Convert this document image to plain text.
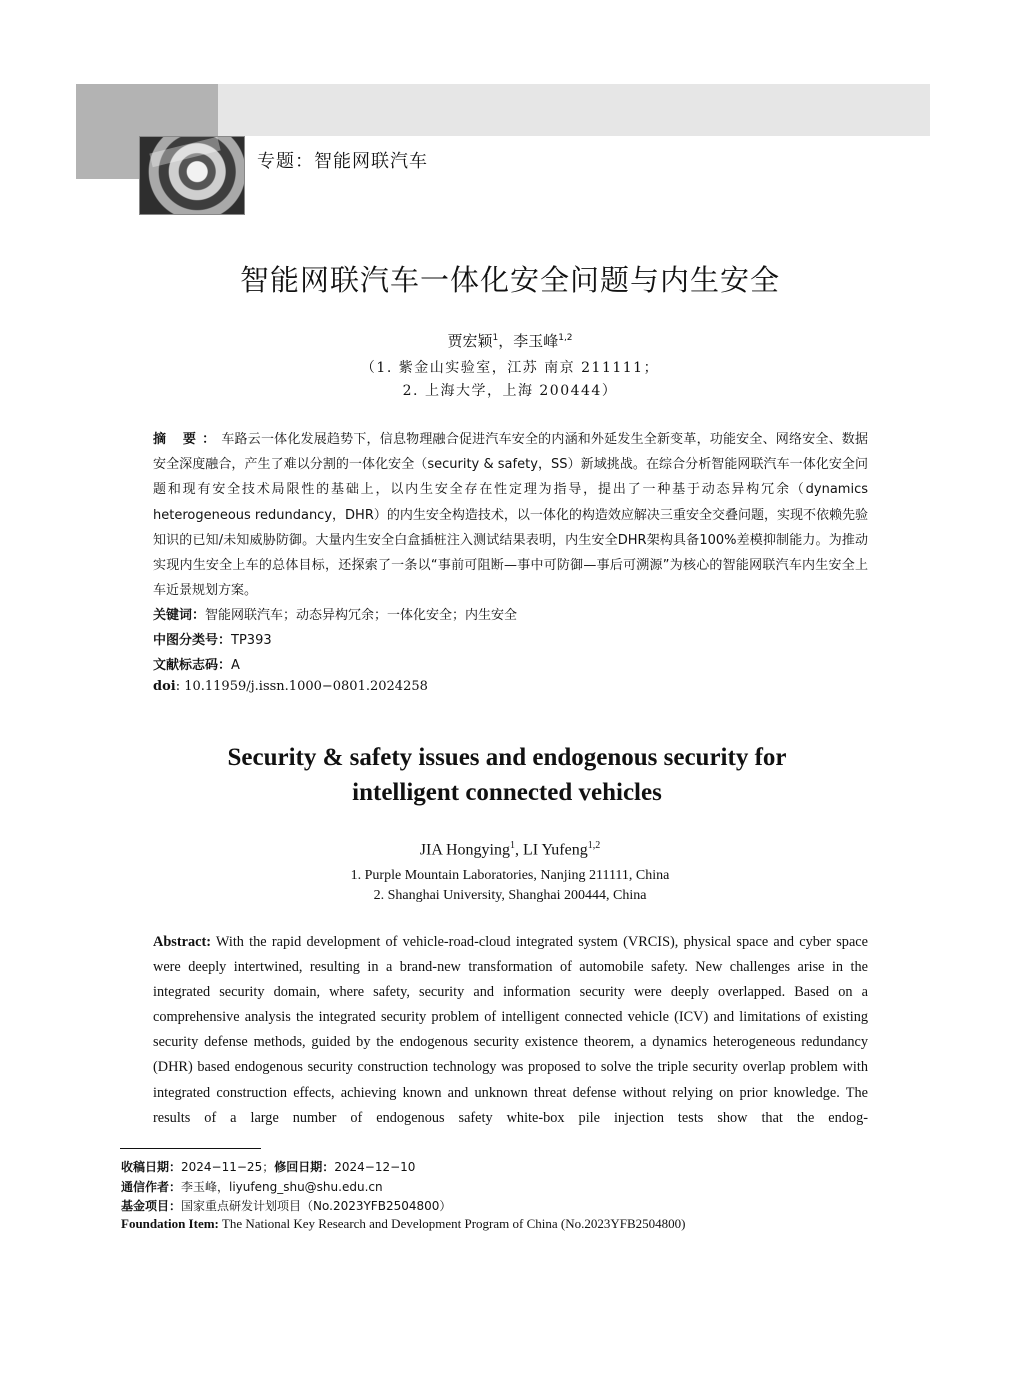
专题：智能网联汽车
智能网联汽车一体化安全问题与内生安全
贾宏颖$^1$，李玉峰$^{1,2}$
（1. 紫金山实验室，江苏 南京 211111；
2. 上海大学，上海 200444）
摘 要：车路云一体化发展趋势下，信息物理融合促进汽车安全的内涵和外延发生全新变革，功能安全、网络安全、数据安全深度融合，产生了难以分割的一体化安全（security & safety，SS）新域挑战。在综合分析智能网联汽车一体化安全问题和现有安全技术局限性的基础上，以内生安全存在性定理为指导，提出了一种基于动态异构冗余（dynamics heterogeneous redundancy，DHR）的内生安全构造技术，以一体化的构造效应解决三重安全交叠问题，实现不依赖先验知识的已知/未知威胁防御。大量内生安全白盒插桩注入测试结果表明，内生安全DHR架构具备100%差模抑制能力。为推动实现内生安全上车的总体目标，还探索了一条以“事前可阻断—事中可防御—事后可溯源”为核心的智能网联汽车内生安全上车近景规划方案。
关键词：智能网联汽车；动态异构冗余；一体化安全；内生安全
中图分类号：TP393
文献标志码：A
doi: 10.11959/j.issn.1000−0801.2024258
Security & safety issues and endogenous security for
intelligent connected vehicles
JIA Hongying$^1$, LI Yufeng$^{1,2}$
1. Purple Mountain Laboratories, Nanjing 211111, China
2. Shanghai University, Shanghai 200444, China
Abstract: With the rapid development of vehicle-road-cloud integrated system (VRCIS), physical space and cyber space were deeply intertwined, resulting in a brand-new transformation of automobile safety. New challenges arise in the integrated security domain, where safety, security and information security were deeply overlapped. Based on a comprehensive analysis the integrated security problem of intelligent connected vehicle (ICV) and limitations of existing security defense methods, guided by the endogenous security existence theorem, a dynamics heterogeneous redundancy (DHR) based endogenous security construction technology was proposed to solve the triple security overlap problem with integrated construction effects, achieving known and unknown threat defense without relying on prior knowledge. The results of a large number of endogenous safety white-box pile injection tests show that the endog-
收稿日期：2024−11−25；修回日期：2024−12−10
通信作者：李玉峰，liyufeng_shu@shu.edu.cn
基金项目：国家重点研发计划项目（No.2023YFB2504800）
Foundation Item: The National Key Research and Development Program of China (No.2023YFB2504800)
